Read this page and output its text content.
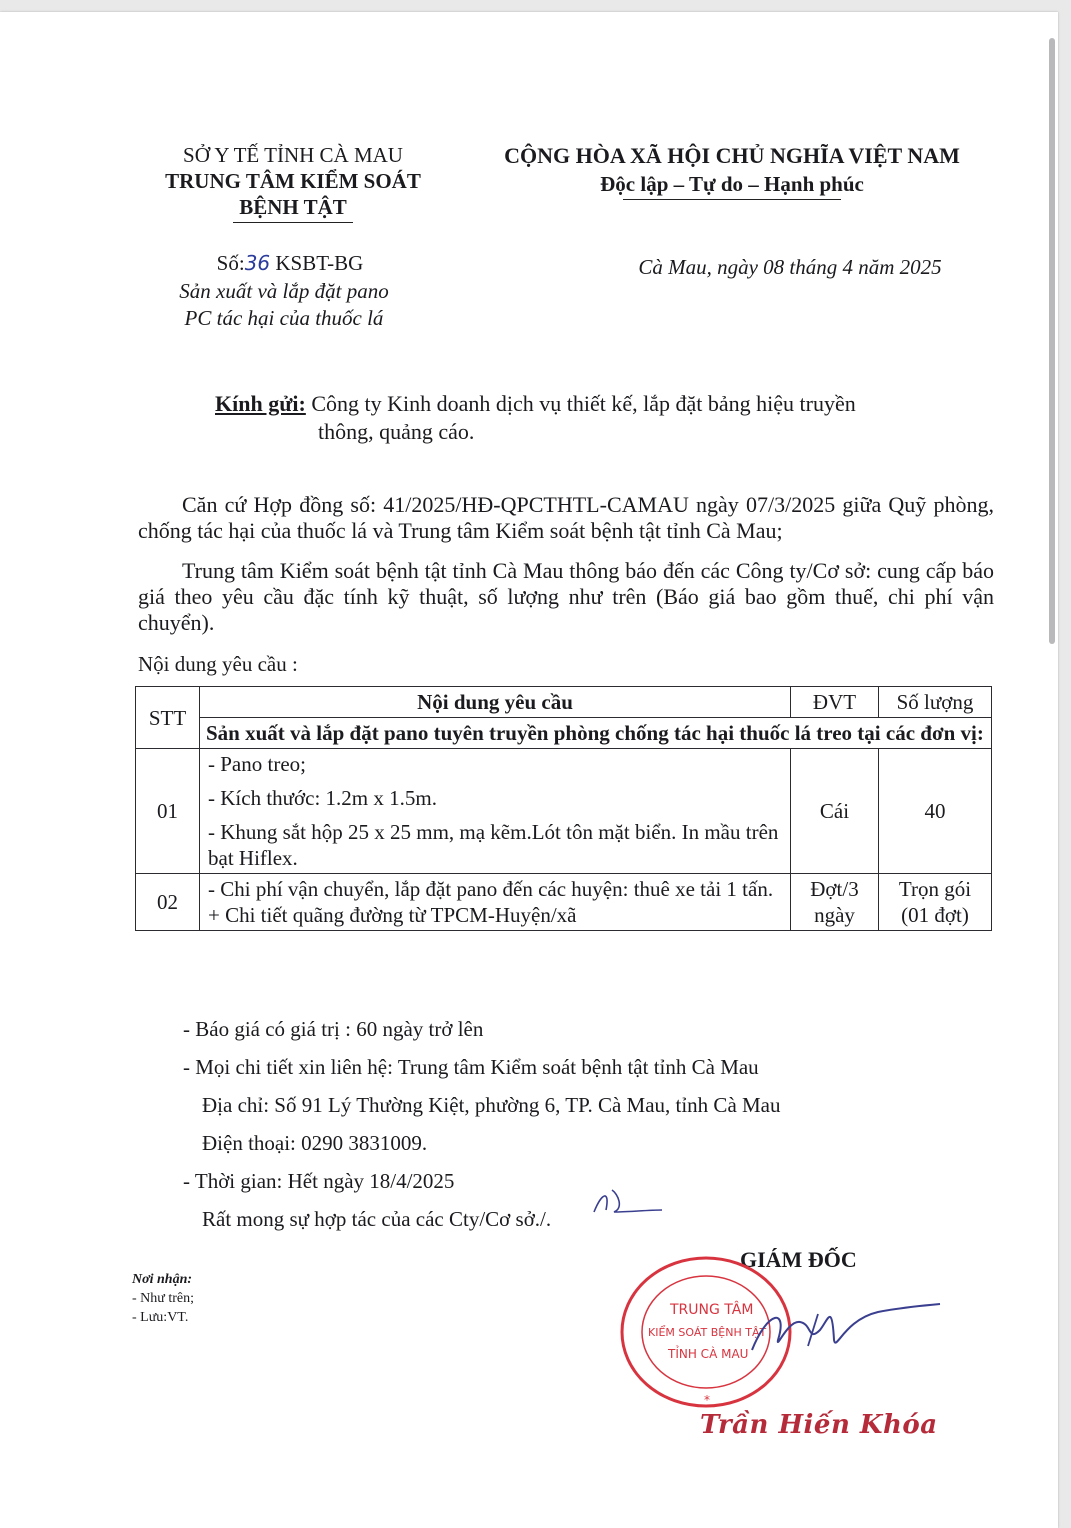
SỞ Y TẾ TỈNH CÀ MAU
TRUNG TÂM KIỂM SOÁT
BỆNH TẬT
CỘNG HÒA XÃ HỘI CHỦ NGHĨA VIỆT NAM
Độc lập – Tự do – Hạnh phúc
Số:36 KSBT-BG
Sản xuất và lắp đặt pano
PC tác hại của thuốc lá
Cà Mau, ngày 08 tháng 4 năm 2025
Kính gửi: Công ty Kinh doanh dịch vụ thiết kế, lắp đặt bảng hiệu truyền
thông, quảng cáo.
Căn cứ Hợp đồng số: 41/2025/HĐ-QPCTHTL-CAMAU ngày 07/3/2025 giữa Quỹ phòng, chống tác hại của thuốc lá và Trung tâm Kiểm soát bệnh tật tỉnh Cà Mau;
Trung tâm Kiểm soát bệnh tật tỉnh Cà Mau thông báo đến các Công ty/Cơ sở: cung cấp báo giá theo yêu cầu đặc tính kỹ thuật, số lượng như trên (Báo giá bao gồm thuế, chi phí vận chuyển).
Nội dung yêu cầu :
STT	Nội dung yêu cầu	ĐVT	Số lượng
	Sản xuất và lắp đặt pano tuyên truyền phòng chống tác hại thuốc lá treo tại các đơn vị:		
01	- Pano treo;
- Kích thước: 1.2m x 1.5m.
- Khung sắt hộp 25 x 25 mm, mạ kẽm.Lót tôn mặt biển. In mầu trên bạt Hiflex.	Cái	40
02	- Chi phí vận chuyển, lắp đặt pano đến các huyện: thuê xe tải 1 tấn.
+ Chi tiết quãng đường từ TPCM-Huyện/xã	Đợt/3 ngày	Trọn gói (01 đợt)
- Báo giá có giá trị : 60 ngày trở lên
- Mọi chi tiết xin liên hệ: Trung tâm Kiểm soát bệnh tật tỉnh Cà Mau
Địa chỉ: Số 91 Lý Thường Kiệt, phường 6, TP. Cà Mau, tỉnh Cà Mau
Điện thoại: 0290 3831009.
- Thời gian: Hết ngày 18/4/2025
Rất mong sự hợp tác của các Cty/Cơ sở./.
GIÁM ĐỐC
Nơi nhận:
- Như trên;
- Lưu:VT.	TRUNG TÂM
KIỂM SOÁT BỆNH TẬT
TỈNH CÀ MAU
*
Trần Hiến Khóa
